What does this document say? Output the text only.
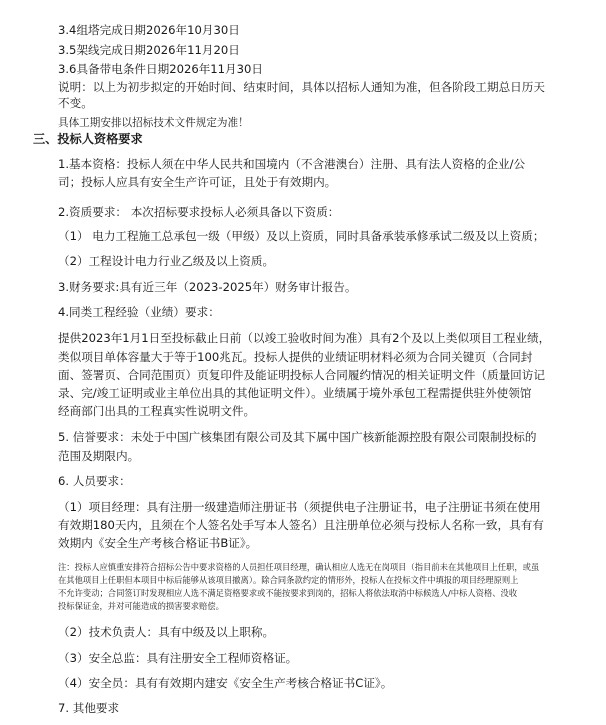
3.4组塔完成日期2026年10月30日
3.5架线完成日期2026年11月20日
3.6具备带电条件日期2026年11月30日
说明：以上为初步拟定的开始时间、结束时间，具体以招标人通知为准，但各阶段工期总日历天
不变。
具体工期安排以招标技术文件规定为准！
三、投标人资格要求
1.基本资格：投标人须在中华人民共和国境内（不含港澳台）注册、具有法人资格的企业/公
司；投标人应具有安全生产许可证，且处于有效期内。
2.资质要求： 本次招标要求投标人必须具备以下资质：
（1） 电力工程施工总承包一级（甲级）及以上资质，同时具备承装承修承试二级及以上资质；
（2）工程设计电力行业乙级及以上资质。
3.财务要求:具有近三年（2023-2025年）财务审计报告。
4.同类工程经验（业绩）要求：
提供2023年1月1日至投标截止日前（以竣工验收时间为准）具有2个及以上类似项目工程业绩，
类似项目单体容量大于等于100兆瓦。投标人提供的业绩证明材料必须为合同关键页（合同封
面、签署页、合同范围页）页复印件及能证明投标人合同履约情况的相关证明文件（质量回访记
录、完/竣工证明或业主单位出具的其他证明文件）。业绩属于境外承包工程需提供驻外使领馆
经商部门出具的工程真实性说明文件。
5. 信誉要求：未处于中国广核集团有限公司及其下属中国广核新能源控股有限公司限制投标的
范围及期限内。
6. 人员要求：
（1）项目经理：具有注册一级建造师注册证书（须提供电子注册证书，电子注册证书须在使用
有效期180天内，且须在个人签名处手写本人签名）且注册单位必须与投标人名称一致，具有有
效期内《安全生产考核合格证书B证》。
注：投标人应慎重安排符合招标公告中要求资格的人员担任项目经理，确认相应人选无在岗项目（指目前未在其他项目上任职，或虽
在其他项目上任职但本项目中标后能够从该项目撤离）。除合同条款约定的情形外，投标人在投标文件中填报的项目经理原则上
不允许变动；合同签订时发现相应人选不满足资格要求或不能按要求到岗的，招标人将依法取消中标候选人/中标人资格、没收
投标保证金，并对可能造成的损害要求赔偿。
（2）技术负责人：具有中级及以上职称。
（3）安全总监：具有注册安全工程师资格证。
（4）安全员：具有有效期内建安《安全生产考核合格证书C证》。
7. 其他要求
